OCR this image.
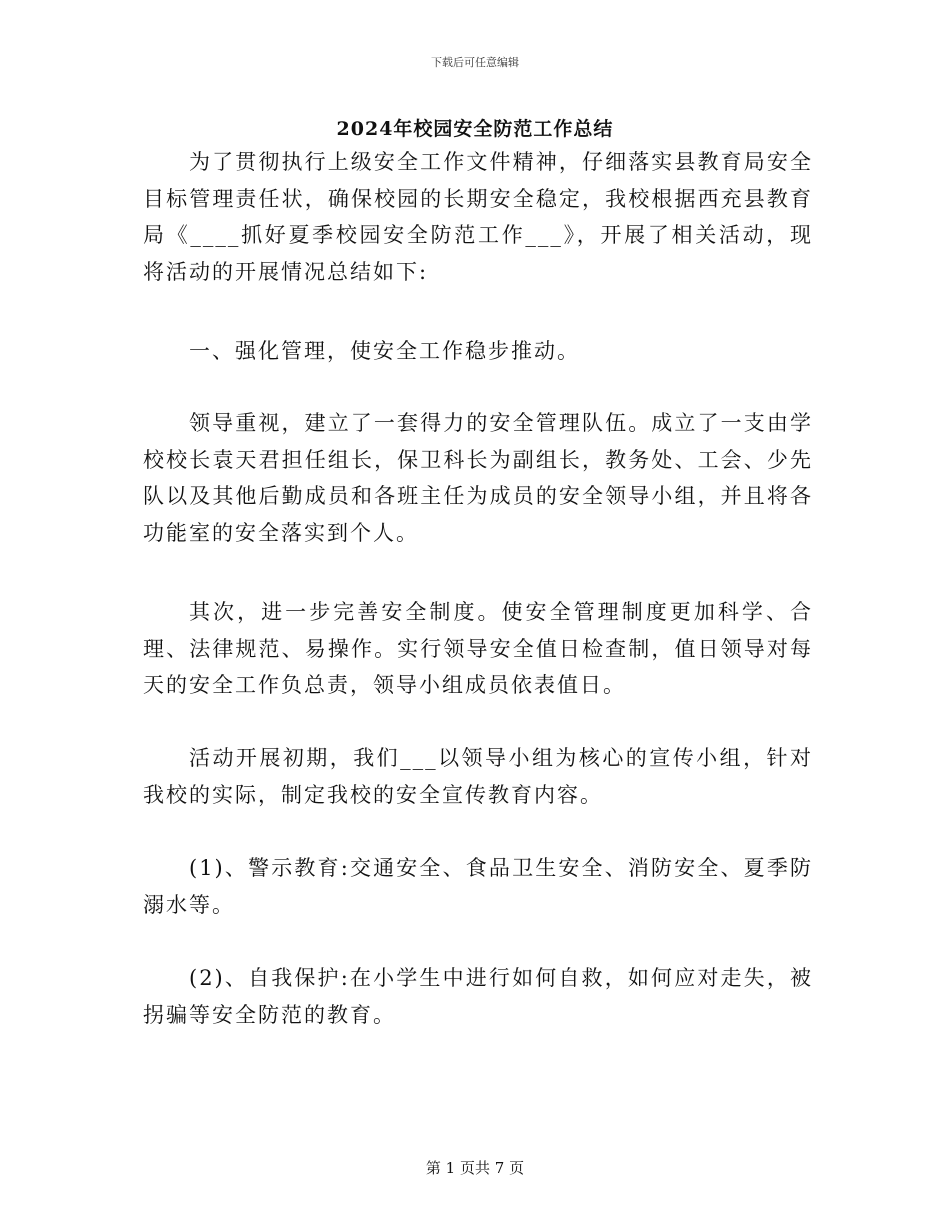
下载后可任意编辑
2024年校园安全防范工作总结

为了贯彻执行上级安全工作文件精神，仔细落实县教育局安全目标管理责任状，确保校园的长期安全稳定，我校根据西充县教育局《____抓好夏季校园安全防范工作___》，开展了相关活动，现将活动的开展情况总结如下:

一、强化管理，使安全工作稳步推动。

领导重视，建立了一套得力的安全管理队伍。成立了一支由学校校长袁天君担任组长，保卫科长为副组长，教务处、工会、少先队以及其他后勤成员和各班主任为成员的安全领导小组，并且将各功能室的安全落实到个人。

其次，进一步完善安全制度。使安全管理制度更加科学、合理、法律规范、易操作。实行领导安全值日检查制，值日领导对每天的安全工作负总责，领导小组成员依表值日。

活动开展初期，我们___以领导小组为核心的宣传小组，针对我校的实际，制定我校的安全宣传教育内容。

(1)、警示教育:交通安全、食品卫生安全、消防安全、夏季防溺水等。

(2)、自我保护:在小学生中进行如何自救，如何应对走失，被拐骗等安全防范的教育。

第 1 页共 7 页
